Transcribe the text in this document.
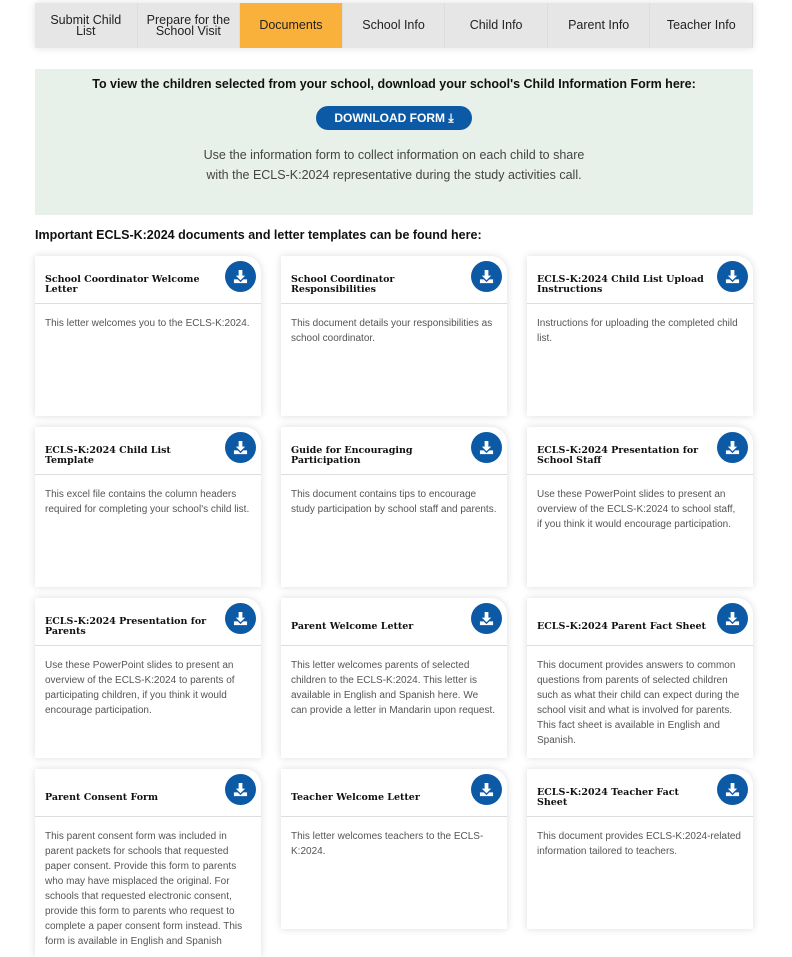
Submit Child List
Prepare for the School Visit	Documents	School Info	Child Info	Parent Info	Teacher Info
To view the children selected from your school, download your school's Child Information Form here:
DOWNLOAD FORM ⤓

Use the information form to collect information on each child to share
with the ECLS-K:2024 representative during the study activities call.

Important ECLS-K:2024 documents and letter templates can be found here:
School Coordinator Welcome Letter
This letter welcomes you to the ECLS-K:2024.
School Coordinator Responsibilities
This document details your responsibilities as school coordinator.
ECLS-K:2024 Child List Upload Instructions
Instructions for uploading the completed child list.
ECLS-K:2024 Child List Template
This excel file contains the column headers required for completing your school's child list.
Guide for Encouraging Participation
This document contains tips to encourage study participation by school staff and parents.
ECLS-K:2024 Presentation for School Staff
Use these PowerPoint slides to present an overview of the ECLS-K:2024 to school staff, if you think it would encourage participation.
ECLS-K:2024 Presentation for Parents
Use these PowerPoint slides to present an overview of the ECLS-K:2024 to parents of participating children, if you think it would encourage participation.
Parent Welcome Letter
This letter welcomes parents of selected children to the ECLS-K:2024. This letter is available in English and Spanish here. We can provide a letter in Mandarin upon request.
ECLS-K:2024 Parent Fact Sheet
This document provides answers to common questions from parents of selected children such as what their child can expect during the school visit and what is involved for parents. This fact sheet is available in English and Spanish.
Parent Consent Form
This parent consent form was included in parent packets for schools that requested paper consent. Provide this form to parents who may have misplaced the original. For schools that requested electronic consent, provide this form to parents who request to complete a paper consent form instead. This form is available in English and Spanish
Teacher Welcome Letter
This letter welcomes teachers to the ECLS-K:2024.
ECLS-K:2024 Teacher Fact Sheet
This document provides ECLS-K:2024-related information tailored to teachers.
